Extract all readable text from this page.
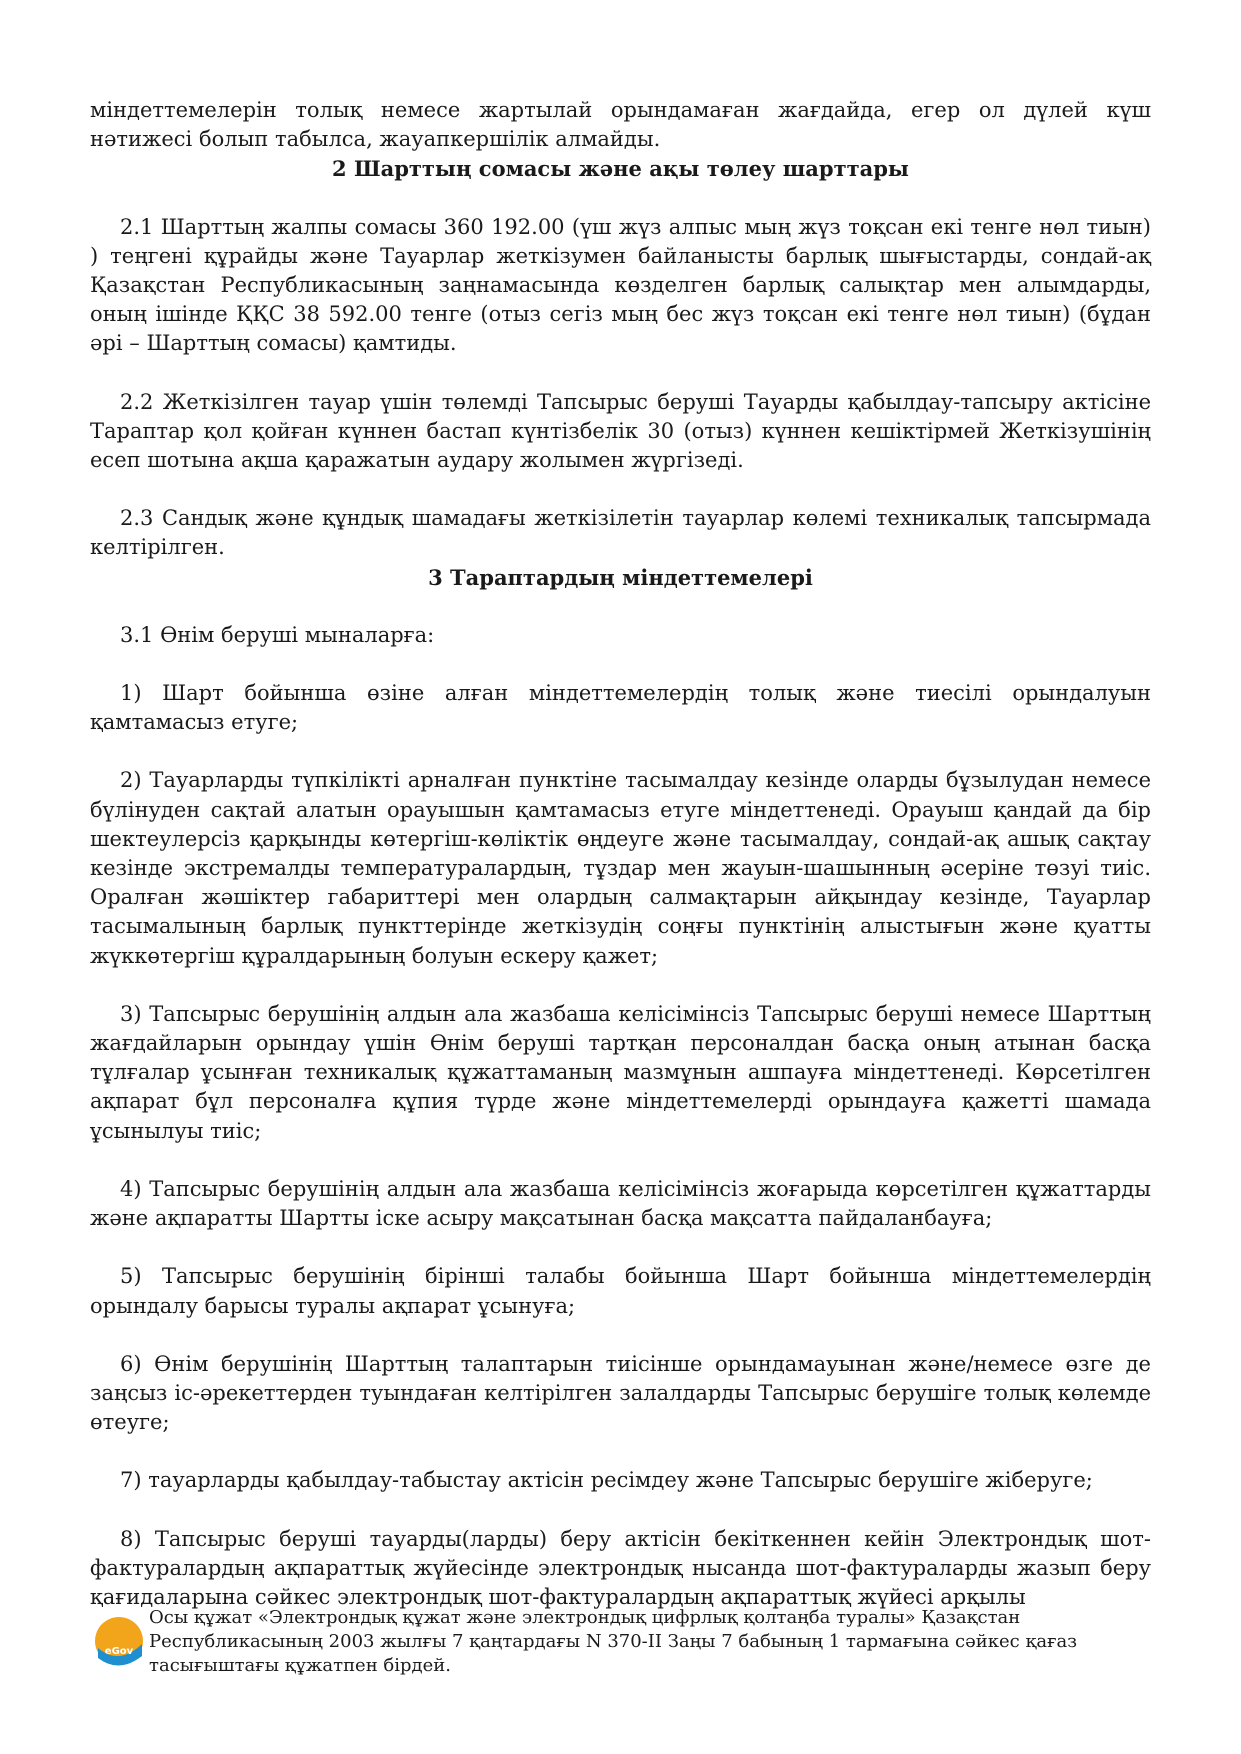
міндеттемелерін толық немесе жартылай орындамаған жағдайда, егер ол дүлей күш нәтижесі болып табылса, жауапкершілік алмайды.

2 Шарттың сомасы және ақы төлеу шарттары

2.1 Шарттың жалпы сомасы 360 192.00 (үш жүз алпыс мың жүз тоқсан екі тенге нөл тиын) ) теңгені құрайды және Тауарлар жеткізумен байланысты барлық шығыстарды, сондай-ақ Қазақстан Республикасының заңнамасында көзделген барлық салықтар мен алымдарды, оның ішінде ҚҚС 38 592.00 тенге (отыз сегіз мың бес жүз тоқсан екі тенге нөл тиын) (бұдан әрі – Шарттың сомасы) қамтиды.

2.2 Жеткізілген тауар үшін төлемді Тапсырыс беруші Тауарды қабылдау-тапсыру актісіне Тараптар қол қойған күннен бастап күнтізбелік 30 (отыз) күннен кешіктірмей Жеткізушінің есеп шотына ақша қаражатын аудару жолымен жүргізеді.

2.3 Сандық және құндық шамадағы жеткізілетін тауарлар көлемі техникалық тапсырмада келтірілген.

3 Тараптардың міндеттемелері

3.1 Өнім беруші мыналарға:

1) Шарт бойынша өзіне алған міндеттемелердің толық және тиесілі орындалуын қамтамасыз етуге;

2) Тауарларды түпкілікті арналған пунктіне тасымалдау кезінде оларды бұзылудан немесе бүлінуден сақтай алатын орауышын қамтамасыз етуге міндеттенеді. Орауыш қандай да бір шектеулерсіз қарқынды көтергіш-көліктік өңдеуге және тасымалдау, сондай-ақ ашық сақтау кезінде экстремалды температуралардың, тұздар мен жауын-шашынның әсеріне төзуі тиіс. Оралған жәшіктер габариттері мен олардың салмақтарын айқындау кезінде, Тауарлар тасымалының барлық пункттерінде жеткізудің соңғы пунктінің алыстығын және қуатты жүккөтергіш құралдарының болуын ескеру қажет;

3) Тапсырыс берушінің алдын ала жазбаша келісімінсіз Тапсырыс беруші немесе Шарттың жағдайларын орындау үшін Өнім беруші тартқан персоналдан басқа оның атынан басқа тұлғалар ұсынған техникалық құжаттаманың мазмұнын ашпауға міндеттенеді. Көрсетілген ақпарат бұл персоналға құпия түрде және міндеттемелерді орындауға қажетті шамада ұсынылуы тиіс;

4) Тапсырыс берушінің алдын ала жазбаша келісімінсіз жоғарыда көрсетілген құжаттарды және ақпаратты Шартты іске асыру мақсатынан басқа мақсатта пайдаланбауға;

5) Тапсырыс берушінің бірінші талабы бойынша Шарт бойынша міндеттемелердің орындалу барысы туралы ақпарат ұсынуға;

6) Өнім берушінің Шарттың талаптарын тиісінше орындамауынан және/немесе өзге де заңсыз іс-әрекеттерден туындаған келтірілген залалдарды Тапсырыс берушіге толық көлемде өтеуге;

7) тауарларды қабылдау-табыстау актісін ресімдеу және Тапсырыс берушіге жіберуге;

8) Тапсырыс беруші тауарды(ларды) беру актісін бекіткеннен кейін Электрондық шот-фактуралардың ақпараттық жүйесінде электрондық нысанда шот-фактураларды жазып беру қағидаларына сәйкес электрондық шот-фактуралардың ақпараттық жүйесі арқылы

eGov
Осы құжат «Электрондық құжат және электрондық цифрлық қолтаңба туралы» Қазақстан
Республикасының 2003 жылғы 7 қаңтардағы N 370-II Заңы 7 бабының 1 тармағына сәйкес қағаз
тасығыштағы құжатпен бірдей.
